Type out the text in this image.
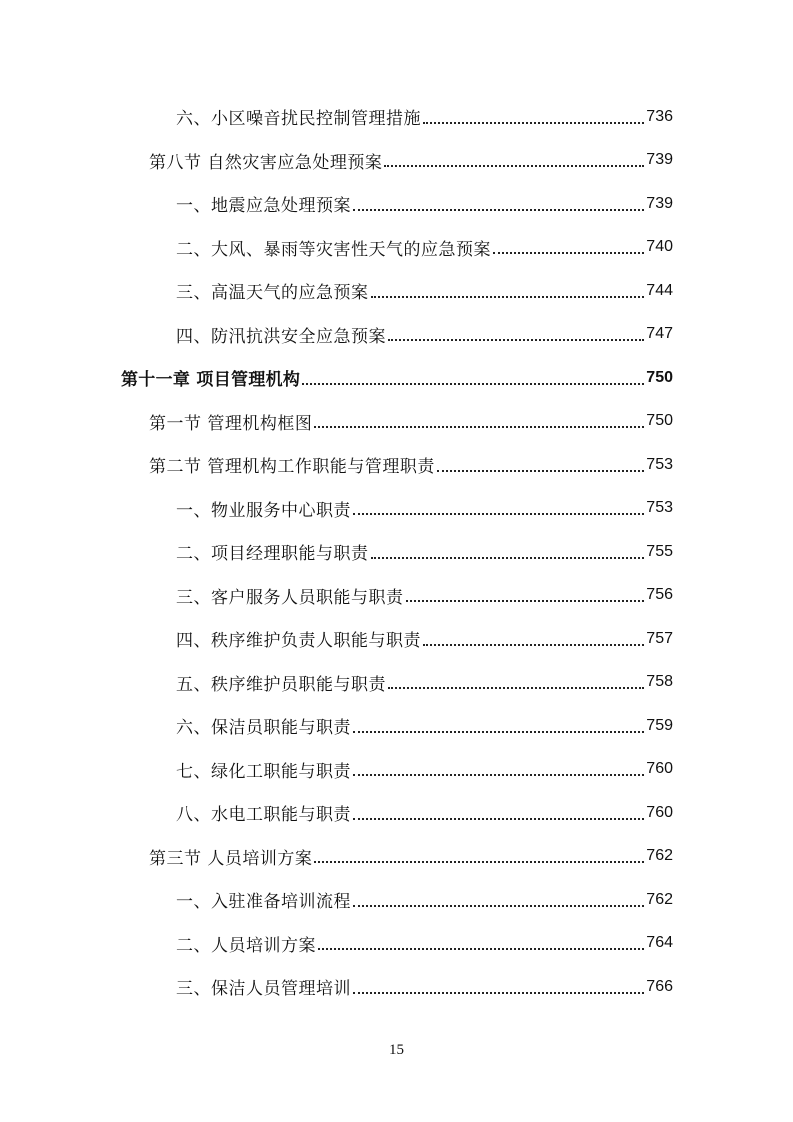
六、小区噪音扰民控制管理措施	736
第八节 自然灾害应急处理预案	739
一、地震应急处理预案	739
二、大风、暴雨等灾害性天气的应急预案	740
三、高温天气的应急预案	744
四、防汛抗洪安全应急预案	747
第十一章 项目管理机构	750
第一节 管理机构框图	750
第二节 管理机构工作职能与管理职责	753
一、物业服务中心职责	753
二、项目经理职能与职责	755
三、客户服务人员职能与职责	756
四、秩序维护负责人职能与职责	757
五、秩序维护员职能与职责	758
六、保洁员职能与职责	759
七、绿化工职能与职责	760
八、水电工职能与职责	760
第三节 人员培训方案	762
一、入驻准备培训流程	762
二、人员培训方案	764
三、保洁人员管理培训	766
15
